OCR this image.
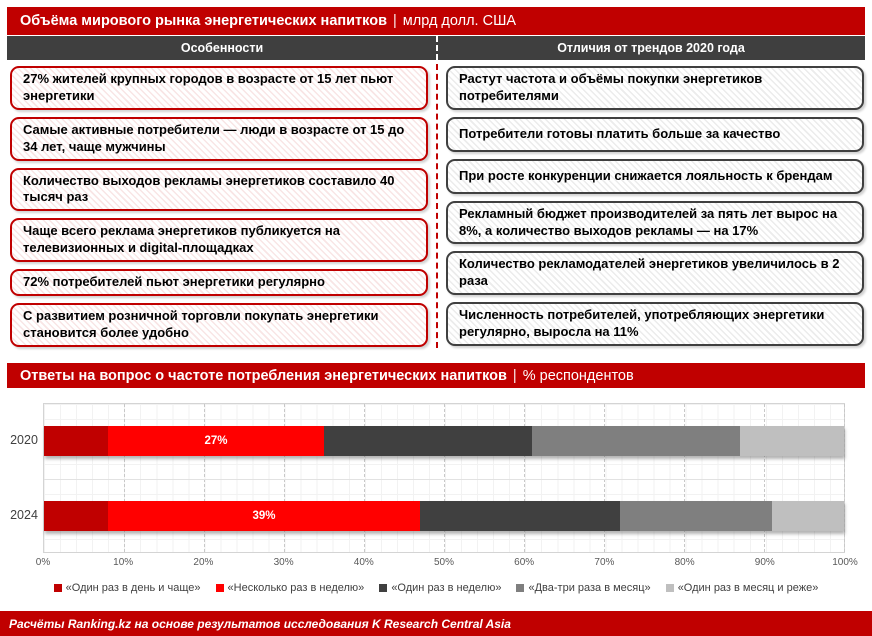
Объёма мирового рынка энергетических напитков | млрд долл. США
Особенности	Отличия от трендов 2020 года
27% жителей крупных городов в возрасте от 15 лет пьют энергетики
Самые активные потребители — люди в возрасте от 15 до 34 лет, чаще мужчины
Количество выходов рекламы энергетиков составило 40 тысяч раз
Чаще всего реклама энергетиков публикуется на телевизионных и digital-площадках
72% потребителей пьют энергетики регулярно
С развитием розничной торговли покупать энергетики становится более удобно
Растут частота и объёмы покупки энергетиков потребителями
Потребители готовы платить больше за качество
При росте конкуренции снижается лояльность к брендам
Рекламный бюджет производителей за пять лет вырос на 8%, а количество выходов рекламы — на 17%
Количество рекламодателей энергетиков увеличилось в 2 раза
Численность потребителей, употребляющих энергетики регулярно, выросла на 11%
Ответы на вопрос о частоте потребления энергетических напитков | % респондентов
27%
39%
2020
2024
0%	10%	20%	30%	40%	50%	60%	70%	80%	90%	100%
«Один раз в день и чаще» «Несколько раз в неделю» «Один раз в неделю» «Два-три раза в месяц» «Один раз в месяц и реже»
Расчёты Ranking.kz на основе результатов исследования K Research Central Asia
